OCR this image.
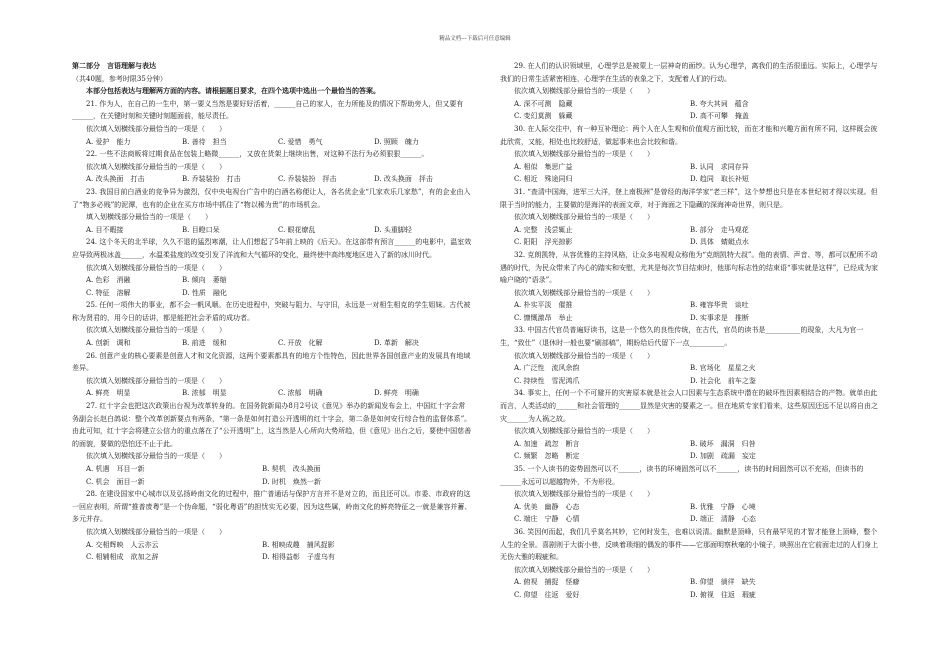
精品文档---下载后可任意编辑

第二部分　言语理解与表达

（共40题，参考时限35分钟）

本部分包括表达与理解两方面的内容。请根据题目要求，在四个选项中选出一个最恰当的答案。

21. 作为人，在自己的一生中，第一要义当然是要好好活着，______自己的家人，在力所能及的情况下帮助旁人，但又要有______，在关键时刻和关键时刻题面前，能尽责任。

依次填入划横线部分最恰当的一项是（　　）

A. 爱护　能力	B. 善待　担当	C. 爱惜　勇气	D. 照顾　魄力

22. 一些不法商贩将过期食品在包装上略微______，又放在货架上继续出售，对这种不法行为必须狠狠______。

依次填入划横线部分最恰当的一项是（　　）

A. 改头换面　打击	B. 乔装装扮　打击	C. 乔装装扮　抨击	D. 改头换面　抨击

23. 我国目前白酒业的竞争异为激烈，仅中央电视台广告中的白酒名称便让人，各名优企业“几家欢乐几家愁”，有的企业由入了“物多必贱”的泥潭，也有的企业在买方市场中抓住了“物以稀为贵”的市场机会。

填入划横线部分最恰当的一项是（　　）

A. 目不暇接	B. 目瞪口呆	C. 眼花缭乱	D. 头重脚轻

24. 这个冬天的北半球，久久不退的猛烈寒潮，让人们想起了5年前上映的《后天》。在这部带有预言______的电影中，温室效应导致两极冰盖______，水温柔盐度的改变引发了洋流和大气循环的变化，最终使中高纬度地区进入了新的冰川时代。

依次填入划横线部分最恰当的一项是（　　）

A. 色彩　消融	B. 倾向　萎缩
C. 特征　溶解	D. 性质　融化

25. 任何一项伟大的事业，都不会一帆风顺。在历史进程中，突破与阻力、与守旧，永远是一对相生相克的学生姐妹。古代被称为贤君的，用今日的话讲，都是能把社会矛盾的成功者。

依次填入划横线部分最恰当的一项是（　　）

A. 创新　调和	B. 前进　缓和	C. 开放　化解	D. 革新　解决

26. 创意产业的核心要素是创意人才和文化资源，这两个要素都具有的地方个性特色，因此世界各国创意产业的发展具有地域差异。

依次填入划横线部分最恰当的一项是（　　）

A. 鲜亮　明显	B. 浓郁　明显	C. 浓郁　明确	D. 鲜亮　明确

27. 红十字会也把这次政策出台视为改革转身的。在国务院新闻办8月2号议《意见》举办的新闻发布会上，中国红十字会常务副会长赵白鸽说：整个改革创新要点有两条，“第一条是如何打造公开透明的红十字会，第二条是如何安行综合性的监督体系”。由此可知，红十字会将建立公信力的重点落在了“公开透明”上，这当然是人心所向大势所趋，但《意见》出台之后，要使中国慈善的面貌，要做的恐怕还不止于此。

依次填入划横线部分最恰当的一项是（　　）

A. 机遇　耳目一新	B. 契机　改头换面
C. 机会　面目一新	D. 时机　焕然一新

28. 在建设国家中心城市以及弘扬岭南文化的过程中，推广普通话与保护方言并不是对立的，而且还可以。市委、市政府的这一回应表明，所谓“推普废粤”是一个伪命题，“弱化粤语”的担忧实无必要，因为这些属，岭南文化的鲜亮特征之一就是兼容并蓄、多元并存。

依次填入划横线部分最恰当的一项是（　　）

A. 交相辉映　人云亦云	B. 相映成趣　捕风捉影
C. 相辅相成　欲加之辞	D. 相得益彰　子虚乌有

29. 在人们的认识领域里，心理学总是被蒙上一层神奇的面纱。认为心理学，离我们的生活很遥远。实际上，心理学与我们的日常生活紧密相连，心理学在生活的表象之下，支配着人们的行动。

依次填入划横线部分最恰当的一项是（　　）

A. 深不可测　隐藏	B. 夸大其词　蕴含
C. 变幻莫测　躲藏	D. 高不可攀　掩盖

30. 在人际交往中，有一种互补理论：两个人在人生观和价值观方面比较，而在才能和兴趣方面有所不同，这样既会彼此欣赏，又能，相处也比较舒适，做起事来也会比较和谐。

依次填入划横线部分最恰当的一项是（　　）

A. 相似　集思广益	B. 认同　求同存异
C. 相近　殊途同归	D. 趋同　取长补短

31. “查清中国海，进军三大洋，登上南极洲”是曾经的海洋学家“老三样”，这个梦想也只是在本世纪初才得以实现。但限于当时的能力，主要做的是海洋的表面文章，对于海面之下隐藏的深海神奇世界，则只是。

依次填入划横线部分最恰当的一项是（　　）

A. 完整　浅尝辄止	B. 部分　走马观花
C. 阳阳　浮光掠影	D. 具体　蜻蜓点水

32. 克朗凯特，从容优雅的主持风格，让众多电视观众称他为“克朗凯特大叔”。他的表情、声音、等，都可以配所不动遇的时代，为民众带来了内心的踏实和安慰，尤其是每次节目结束时，他那句标志性的结束语“事实就是这样”，已经成为家喻户晓的“语录”。

依次填入划横线部分最恰当的一项是（　　）

A. 朴实平淡　催推	B. 雍容华贵　谈吐
C. 慷慨激昂　举止	D. 实事求是　推断

33. 中国古代官员普遍好读书，这是一个悠久的良性传统，在古代，官员的读书是__________的现象，大凡为官一生，“致仕”（退休时一般也要“刷部稿”，期盼给后代留下一点__________。

依次填入划横线部分最恰当的一项是（　　）

A. 广泛性　流风余韵	B. 官场化　星星之火
C. 持续性　雪泥鸿爪	D. 社会化　前车之鉴

34. 事实上，任何一个不可避开的灾害原本就是社会人口因素与生态系统中潜在的破坏性因素相结合的产物。就单由此而言，人类活动的______和社会管理的______显然是灾害的要素之一。但在地质专家们看来，这些原因还远不足以将自由之灾______为人祸之故。

依次填入划横线部分最恰当的一项是（　　）

A. 加速　疏忽　断言	B. 破坏　漏洞　归咎
C. 频繁　忽略　断定	D. 加剧　疏漏　妄定

35. 一个人读书的姿势固然可以不______，读书的环境固然可以不______，读书的时间固然可以不充裕，但读书的______永远可以超越物外，不为形役。

依次填入划横线部分最恰当的一项是（　　）

A. 优美　幽静　心态	B. 优雅　宁静　心境
C. 端庄　宁静　心情	D. 端正　清静　心态

36. 笑因何而起，我们几乎莫名其妙，它何时发生，也难以说清。幽默是顶峰，只有最罕见的才智才能登上顶峰，整个人生的全景。喜剧则于大街小巷，反映着琐细的偶发的事件——它那面明察秋毫的小镜子，映照出在它前面走过的人们身上无伤大雅的瑕疵和。

依次填入划横线部分最恰当的一项是（　　）

A. 俯视　捕捉　怪癖	B. 仰望　徜徉　缺失
C. 仰望　往返　爱好	D. 俯视　往返　瑕疵
